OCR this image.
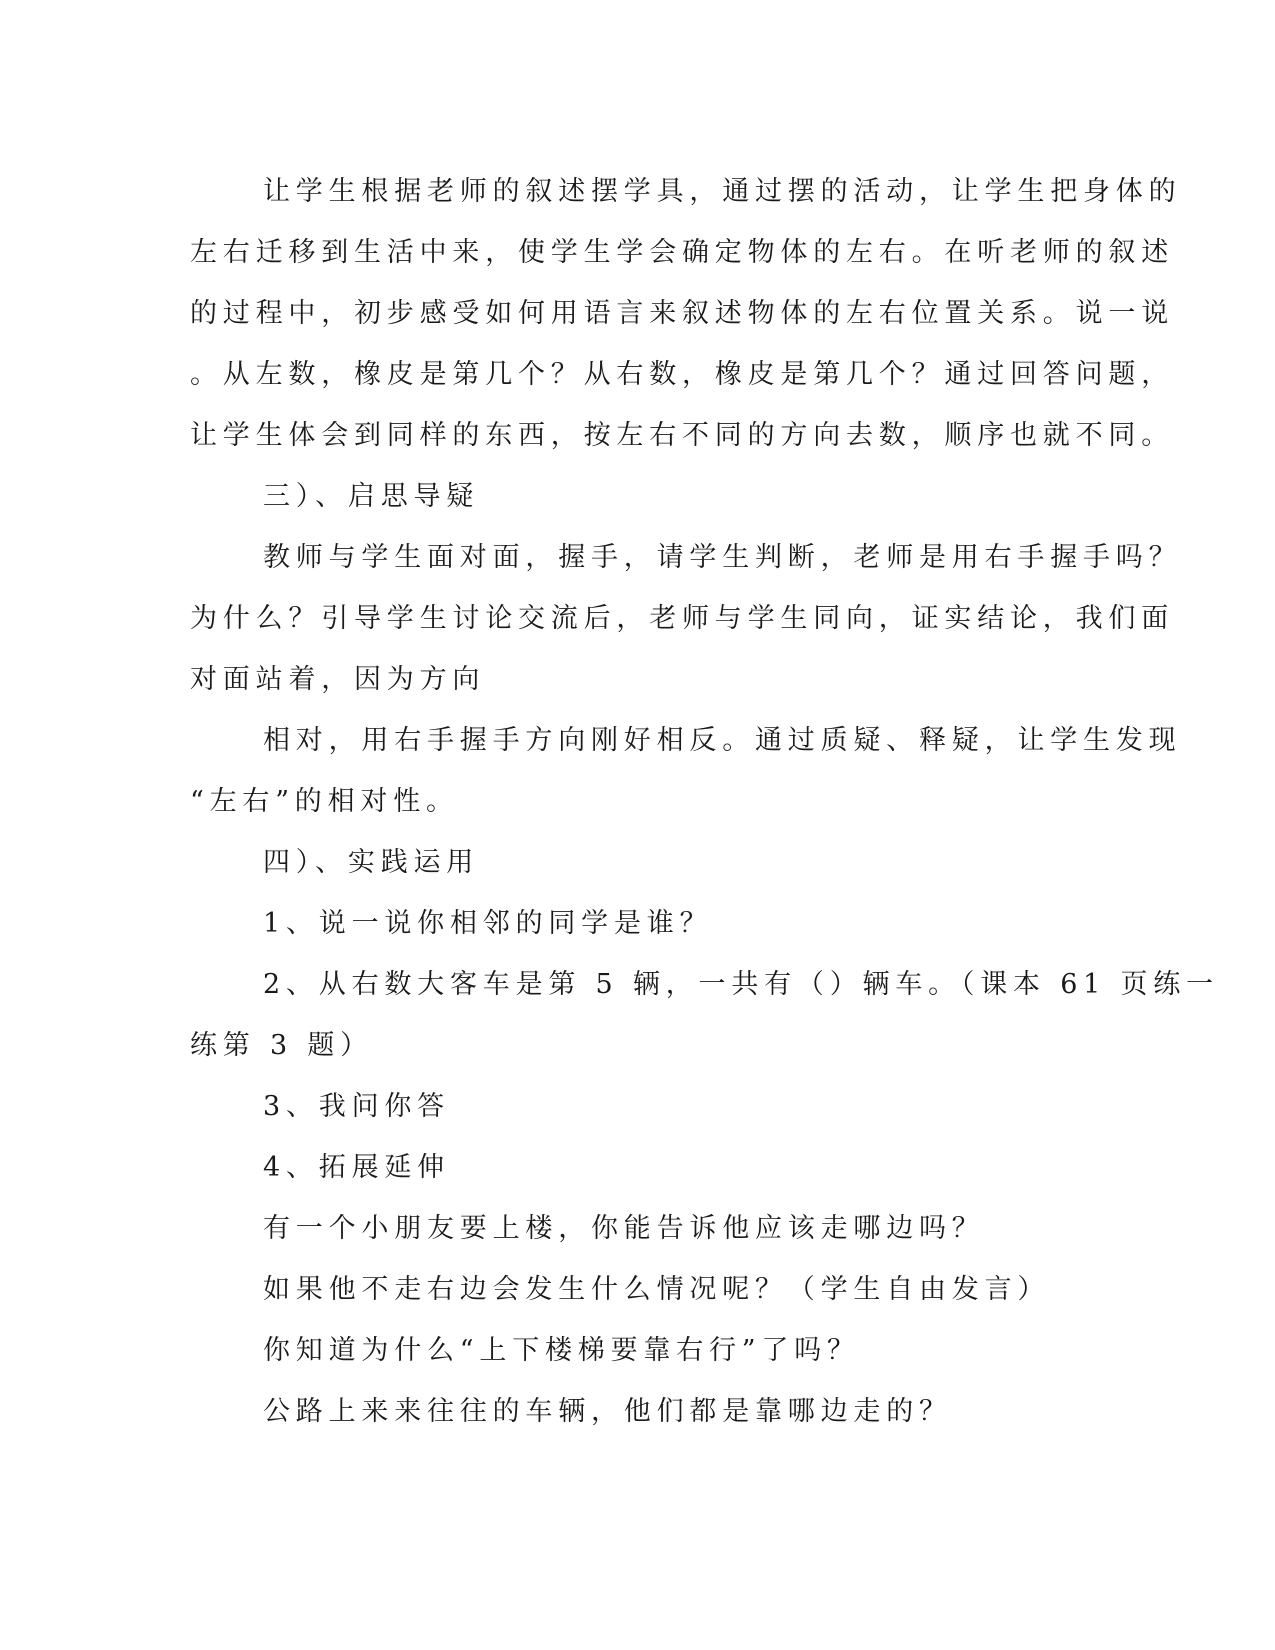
让学生根据老师的叙述摆学具，通过摆的活动，让学生把身体的
左右迁移到生活中来，使学生学会确定物体的左右。在听老师的叙述
的过程中，初步感受如何用语言来叙述物体的左右位置关系。说一说
。从左数，橡皮是第几个？从右数，橡皮是第几个？通过回答问题，
让学生体会到同样的东西，按左右不同的方向去数，顺序也就不同。
三）、启思导疑
教师与学生面对面，握手，请学生判断，老师是用右手握手吗？
为什么？引导学生讨论交流后，老师与学生同向，证实结论，我们面
对面站着，因为方向
相对，用右手握手方向刚好相反。通过质疑、释疑，让学生发现
“左右”的相对性。
四）、实践运用
1、说一说你相邻的同学是谁？
2、从右数大客车是第 5 辆，一共有（）辆车。（课本 61 页练一
练第 3 题）
3、我问你答
4、拓展延伸
有一个小朋友要上楼，你能告诉他应该走哪边吗？
如果他不走右边会发生什么情况呢？（学生自由发言）
你知道为什么“上下楼梯要靠右行”了吗？
公路上来来往往的车辆，他们都是靠哪边走的？
